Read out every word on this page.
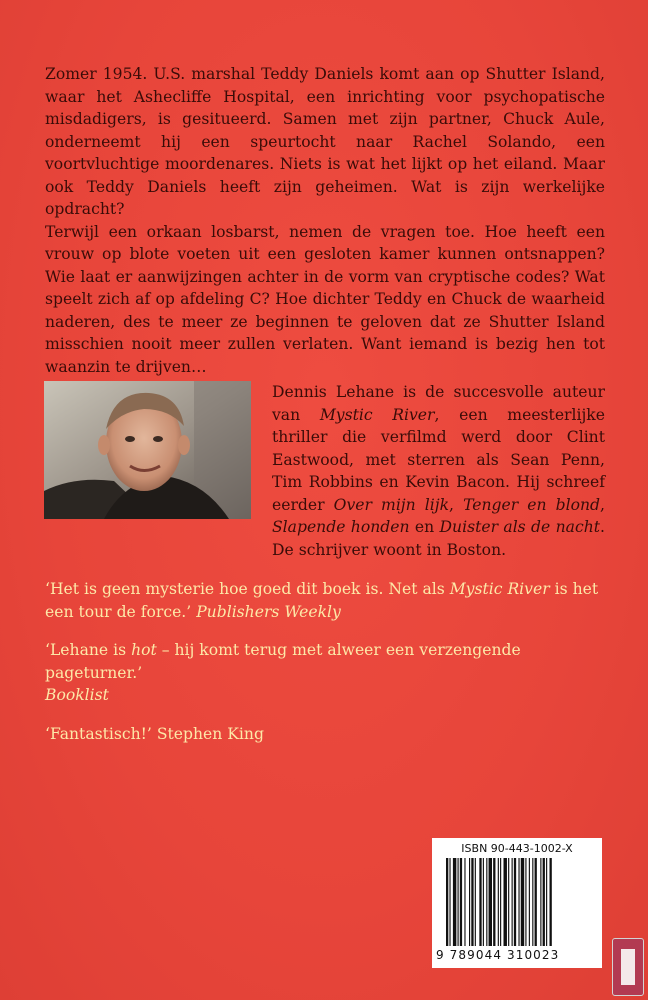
Zomer 1954. U.S. marshal Teddy Daniels komt aan op Shutter Island, waar het Ashecliffe Hospital, een inrichting voor psychopatische misdadigers, is gesitueerd. Samen met zijn partner, Chuck Aule, onderneemt hij een speurtocht naar Rachel Solando, een voortvluchtige moordenares. Niets is wat het lijkt op het eiland. Maar ook Teddy Daniels heeft zijn geheimen. Wat is zijn werkelijke opdracht?

Terwijl een orkaan losbarst, nemen de vragen toe. Hoe heeft een vrouw op blote voeten uit een gesloten kamer kunnen ontsnappen? Wie laat er aanwijzingen achter in de vorm van cryptische codes? Wat speelt zich af op afdeling C? Hoe dichter Teddy en Chuck de waarheid naderen, des te meer ze beginnen te geloven dat ze Shutter Island misschien nooit meer zullen verlaten. Want iemand is bezig hen tot waanzin te drijven…

Dennis Lehane is de succesvolle auteur van Mystic River, een meesterlijke thriller die verfilmd werd door Clint Eastwood, met sterren als Sean Penn, Tim Robbins en Kevin Bacon. Hij schreef eerder Over mijn lijk, Tenger en blond, Slapende honden en Duister als de nacht. De schrijver woont in Boston.

‘Het is geen mysterie hoe goed dit boek is. Net als Mystic River is het een tour de force.’ Publishers Weekly

‘Lehane is hot – hij komt terug met alweer een verzengende pageturner.’
Booklist

‘Fantastisch!’ Stephen King

ISBN 90-443-1002-X
9 789044 310023
